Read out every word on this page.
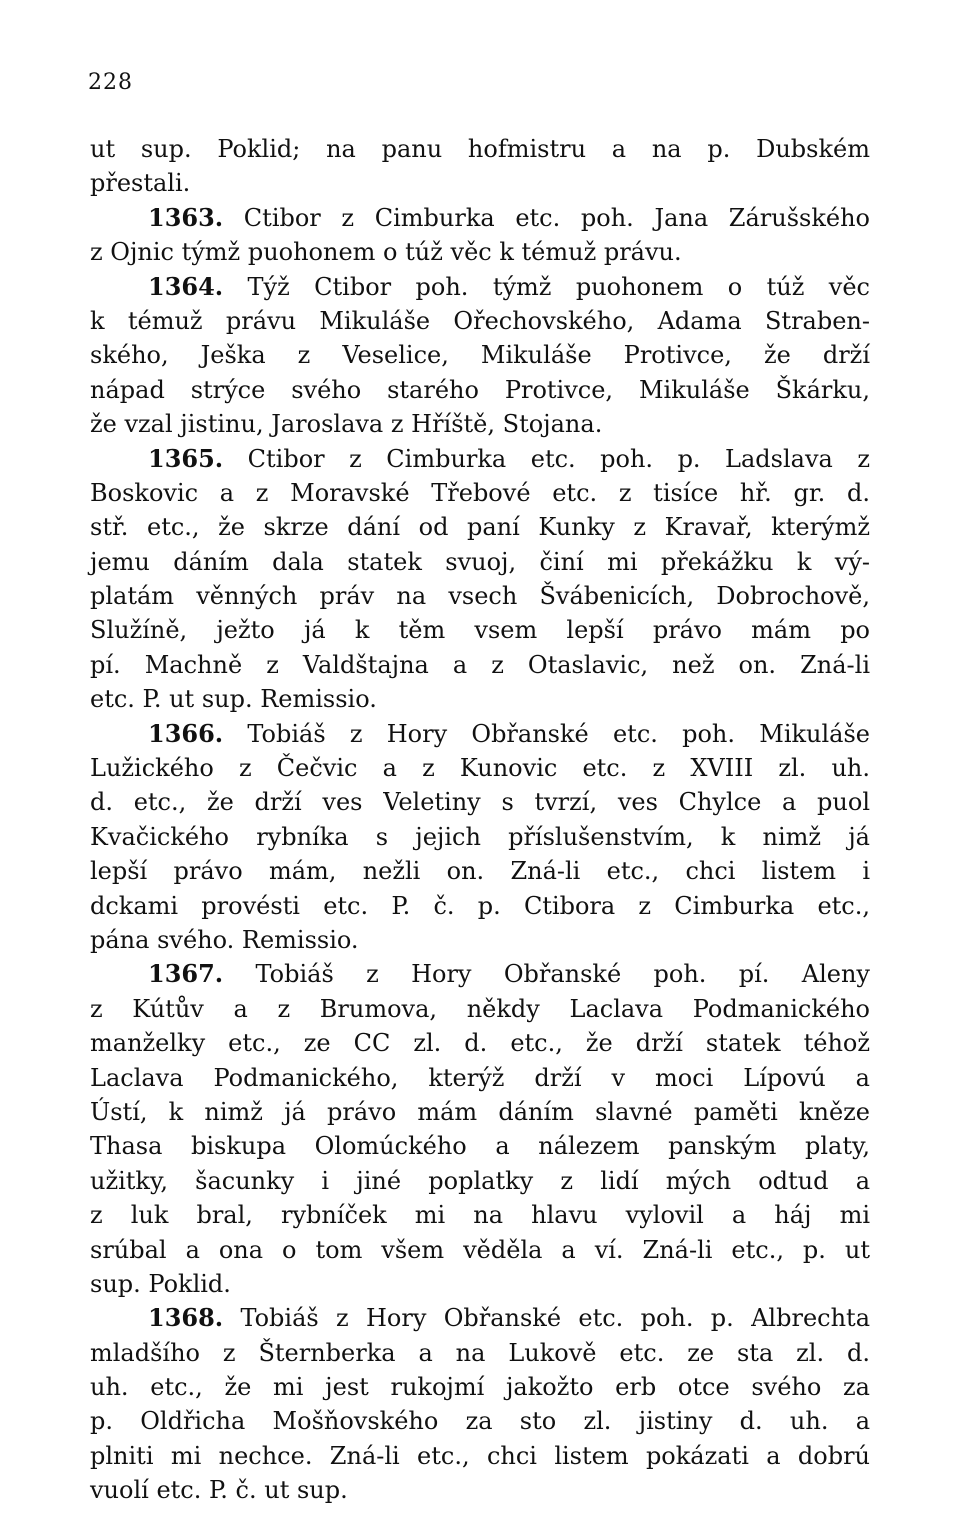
228
ut sup. Poklid; na panu hofmistru a na p. Dubském
přestali.
1363. Ctibor z Cimburka etc. poh. Jana Zárušského
z Ojnic týmž puohonem o túž věc k témuž právu.
1364. Týž Ctibor poh. týmž puohonem o túž věc
k témuž právu Mikuláše Ořechovského, Adama Straben-
ského, Ješka z Veselice, Mikuláše Protivce, že drží
nápad strýce svého starého Protivce, Mikuláše Škárku,
že vzal jistinu, Jaroslava z Hříště, Stojana.
1365. Ctibor z Cimburka etc. poh. p. Ladslava z
Boskovic a z Moravské Třebové etc. z tisíce hř. gr. d.
stř. etc., že skrze dání od paní Kunky z Kravař, kterýmž
jemu dáním dala statek svuoj, činí mi překážku k vý-
platám věnných práv na vsech Švábenicích, Dobrochově,
Služíně, ježto já k těm vsem lepší právo mám po
pí. Machně z Valdštajna a z Otaslavic, než on. Zná-li
etc. P. ut sup. Remissio.
1366. Tobiáš z Hory Obřanské etc. poh. Mikuláše
Lužického z Čečvic a z Kunovic etc. z XVIII zl. uh.
d. etc., že drží ves Veletiny s tvrzí, ves Chylce a puol
Kvačického rybníka s jejich příslušenstvím, k nimž já
lepší právo mám, nežli on. Zná-li etc., chci listem i
dckami provésti etc. P. č. p. Ctibora z Cimburka etc.,
pána svého. Remissio.
1367. Tobiáš z Hory Obřanské poh. pí. Aleny
z Kútův a z Brumova, někdy Laclava Podmanického
manželky etc., ze CC zl. d. etc., že drží statek téhož
Laclava Podmanického, kterýž drží v moci Lípovú a
Ústí, k nimž já právo mám dáním slavné paměti kněze
Thasa biskupa Olomúckého a nálezem panským platy,
užitky, šacunky i jiné poplatky z lidí mých odtud a
z luk bral, rybníček mi na hlavu vylovil a háj mi
srúbal a ona o tom všem věděla a ví. Zná-li etc., p. ut
sup. Poklid.
1368. Tobiáš z Hory Obřanské etc. poh. p. Albrechta
mladšího z Šternberka a na Lukově etc. ze sta zl. d.
uh. etc., že mi jest rukojmí jakožto erb otce svého za
p. Oldřicha Mošňovského za sto zl. jistiny d. uh. a
plniti mi nechce. Zná-li etc., chci listem pokázati a dobrú
vuolí etc. P. č. ut sup.
